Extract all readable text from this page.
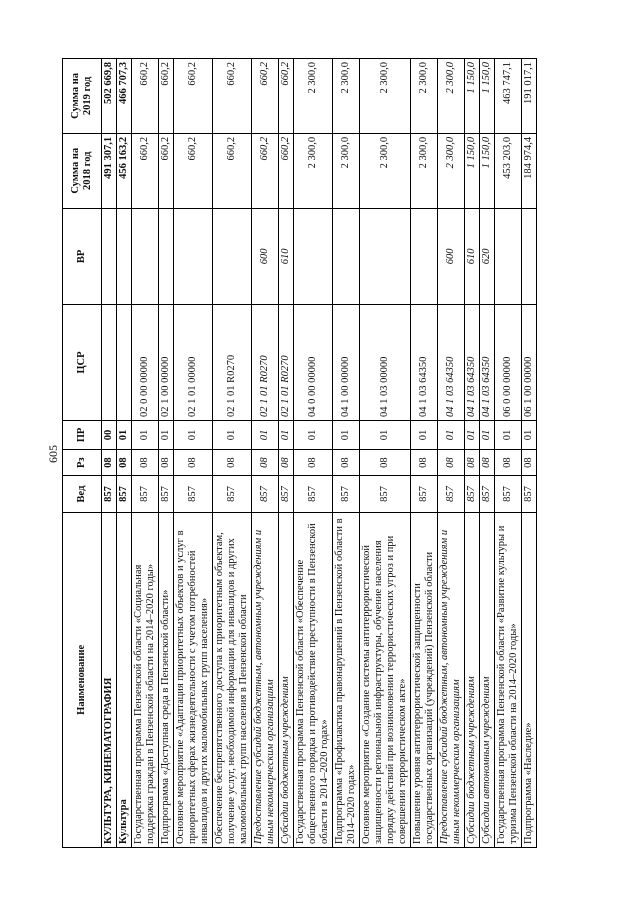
605
Наименование	Вед	Рз	ПР	ЦСР	ВР	Сумма на 2018 год	Сумма на 2019 год
КУЛЬТУРА, КИНЕМАТОГРАФИЯ	857	08	00			491 307,1	502 669,8
Культура	857	08	01			456 163,2	466 707,3
Государственная программа Пензенской области «Социальная поддержка граждан в Пензенской области на 2014–2020 годы»	857	08	01	02 0 00 00000		660,2	660,2
Подпрограмма «Доступная среда в Пензенской области»	857	08	01	02 1 00 00000		660,2	660,2
Основное мероприятие «Адаптация приоритетных объектов и услуг в приоритетных сферах жизнедеятельности с учетом потребностей инвалидов и других маломобильных групп населения»	857	08	01	02 1 01 00000		660,2	660,2
Обеспечение беспрепятственного доступа к приоритетным объектам, получение услуг, необходимой информации для инвалидов и других маломобильных групп населения в Пензенской области	857	08	01	02 1 01 R0270		660,2	660,2
Предоставление субсидий бюджетным, автономным учреждениям и иным некоммерческим организациям	857	08	01	02 1 01 R0270	600	660,2	660,2
Субсидии бюджетным учреждениям	857	08	01	02 1 01 R0270	610	660,2	660,2
Государственная программа Пензенской области «Обеспечение общественного порядка и противодействие преступности в Пензенской области в 2014–2020 годах»	857	08	01	04 0 00 00000		2 300,0	2 300,0
Подпрограмма «Профилактика правонарушений в Пензенской области в 2014–2020 годах»	857	08	01	04 1 00 00000		2 300,0	2 300,0
Основное мероприятие «Создание системы антитеррористической защищенности региональной инфраструктуры, обучение населения порядку действий при возникновении террористических угроз и при совершении террористическом акте»	857	08	01	04 1 03 00000		2 300,0	2 300,0
Повышение уровня антитеррористической защищенности государственных организаций (учреждений) Пензенской области	857	08	01	04 1 03 64350		2 300,0	2 300,0
Предоставление субсидий бюджетным, автономным учреждениям и иным некоммерческим организациям	857	08	01	04 1 03 64350	600	2 300,0	2 300,0
Субсидии бюджетным учреждениям	857	08	01	04 1 03 64350	610	1 150,0	1 150,0
Субсидии автономным учреждениям	857	08	01	04 1 03 64350	620	1 150,0	1 150,0
Государственная программа Пензенской области «Развитие культуры и туризма Пензенской области на 2014–2020 годы»	857	08	01	06 0 00 00000		453 203,0	463 747,1
Подпрограмма «Наследие»	857	08	01	06 1 00 00000		184 974,4	191 017,1
